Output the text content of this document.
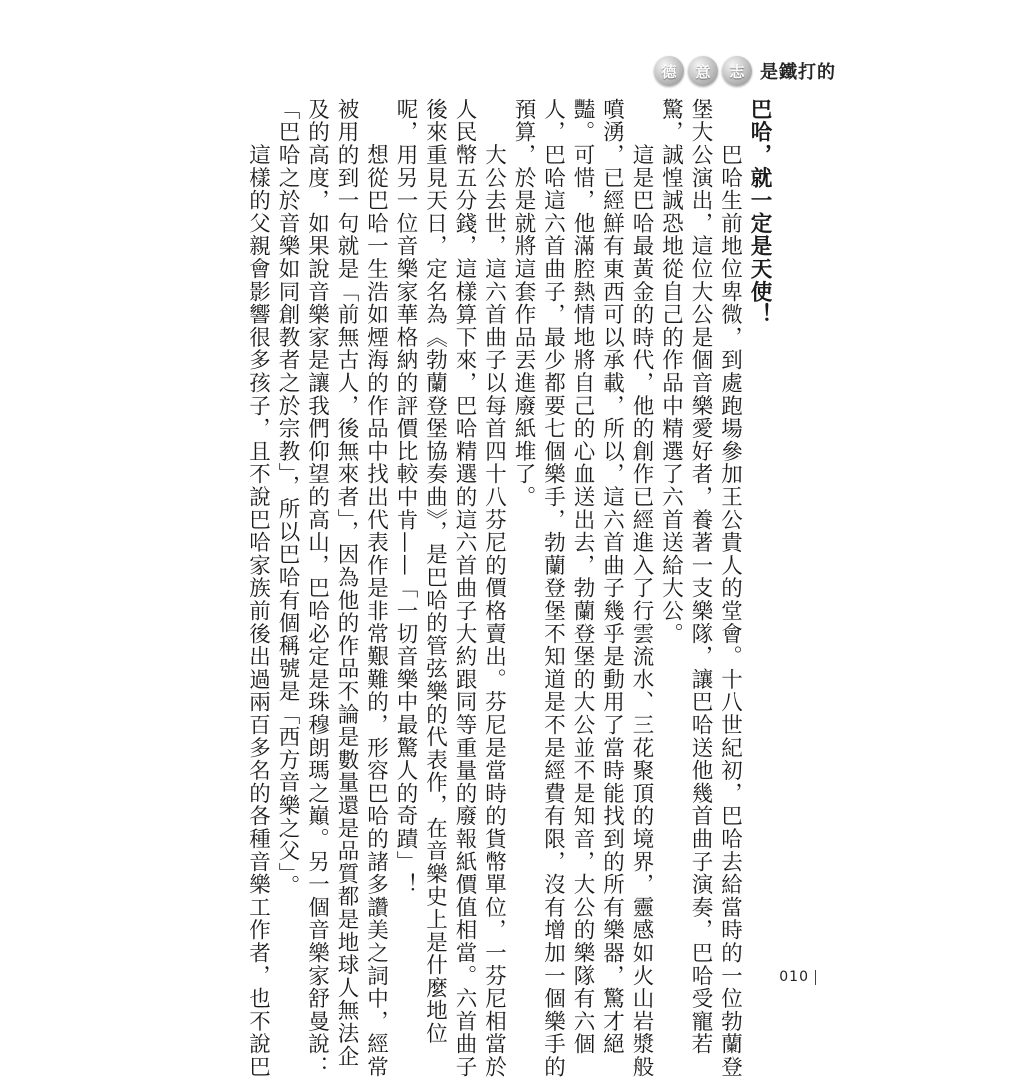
德	意	志 是鐵打的
巴哈，就一定是天使！
　　巴哈生前地位卑微，到處跑場參加王公貴人的堂會。十八世紀初，巴哈去給當時的一位勃蘭登
堡大公演出，這位大公是個音樂愛好者，養著一支樂隊，讓巴哈送他幾首曲子演奏，巴哈受寵若
驚，誠惶誠恐地從自己的作品中精選了六首送給大公。
　　這是巴哈最黃金的時代，他的創作已經進入了行雲流水、三花聚頂的境界，靈感如火山岩漿般
噴湧，已經鮮有東西可以承載，所以，這六首曲子幾乎是動用了當時能找到的所有樂器，驚才絕
豔。可惜，他滿腔熱情地將自己的心血送出去，勃蘭登堡的大公並不是知音，大公的樂隊有六個
人，巴哈這六首曲子，最少都要七個樂手，勃蘭登堡不知道是不是經費有限，沒有增加一個樂手的
預算，於是就將這套作品丟進廢紙堆了。
　　大公去世，這六首曲子以每首四十八芬尼的價格賣出。芬尼是當時的貨幣單位，一芬尼相當於
人民幣五分錢，這樣算下來，巴哈精選的這六首曲子大約跟同等重量的廢報紙價值相當。六首曲子
後來重見天日，定名為《勃蘭登堡協奏曲》，是巴哈的管弦樂的代表作，在音樂史上是什麼地位
呢，用另一位音樂家華格納的評價比較中肯——「一切音樂中最驚人的奇蹟」！
　　想從巴哈一生浩如煙海的作品中找出代表作是非常艱難的，形容巴哈的諸多讚美之詞中，經常
被用的到一句就是「前無古人，後無來者」，因為他的作品不論是數量還是品質都是地球人無法企
及的高度，如果說音樂家是讓我們仰望的高山，巴哈必定是珠穆朗瑪之巔。另一個音樂家舒曼說：
「巴哈之於音樂如同創教者之於宗教」，所以巴哈有個稱號是「西方音樂之父」。
　　這樣的父親會影響很多孩子，且不說巴哈家族前後出過兩百多名的各種音樂工作者，也不說巴	010
